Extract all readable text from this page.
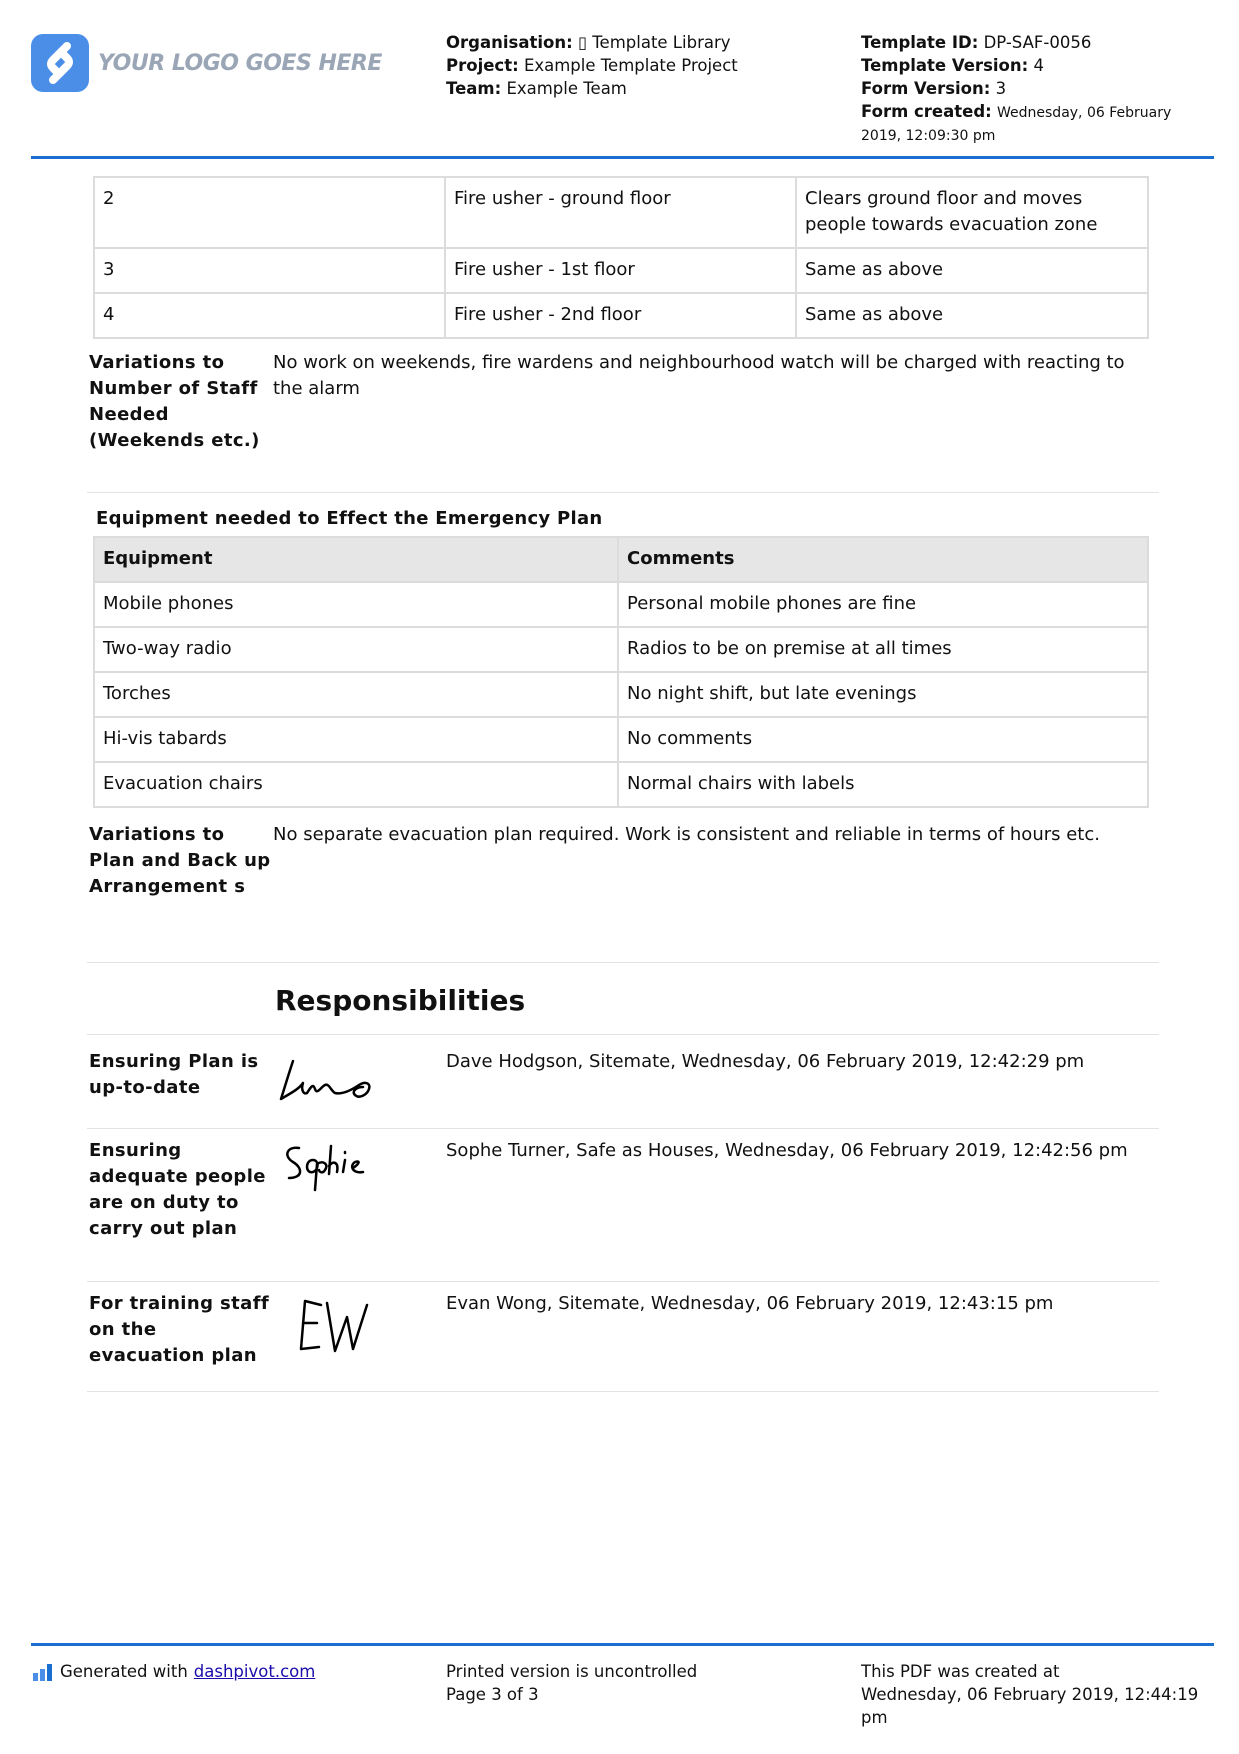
YOUR LOGO GOES HERE
Organisation: ▯ Template Library
Project: Example Template Project
Team: Example Team
Template ID: DP-SAF-0056
Template Version: 4
Form Version: 3
Form created: Wednesday, 06 February
2019, 12:09:30 pm
2	Fire usher - ground floor	Clears ground floor and moves people towards evacuation zone
3	Fire usher - 1st floor	Same as above
4	Fire usher - 2nd floor	Same as above
Variations to Number of Staff Needed (Weekends etc.)
No work on weekends, fire wardens and neighbourhood watch will be charged with reacting to the alarm
Equipment needed to Effect the Emergency Plan
Equipment	Comments
Mobile phones	Personal mobile phones are fine
Two-way radio	Radios to be on premise at all times
Torches	No night shift, but late evenings
Hi-vis tabards	No comments
Evacuation chairs	Normal chairs with labels
Variations to Plan and Back up Arrangement s
No separate evacuation plan required. Work is consistent and reliable in terms of hours etc.
Responsibilities
Ensuring Plan is up-to-date
Dave Hodgson, Sitemate, Wednesday, 06 February 2019, 12:42:29 pm
Ensuring adequate people are on duty to carry out plan
Sophe Turner, Safe as Houses, Wednesday, 06 February 2019, 12:42:56 pm
For training staff on the evacuation plan
Evan Wong, Sitemate, Wednesday, 06 February 2019, 12:43:15 pm
Generated with dashpivot.com	Printed version is uncontrolled
Page 3 of 3
This PDF was created at
Wednesday, 06 February 2019, 12:44:19
pm
